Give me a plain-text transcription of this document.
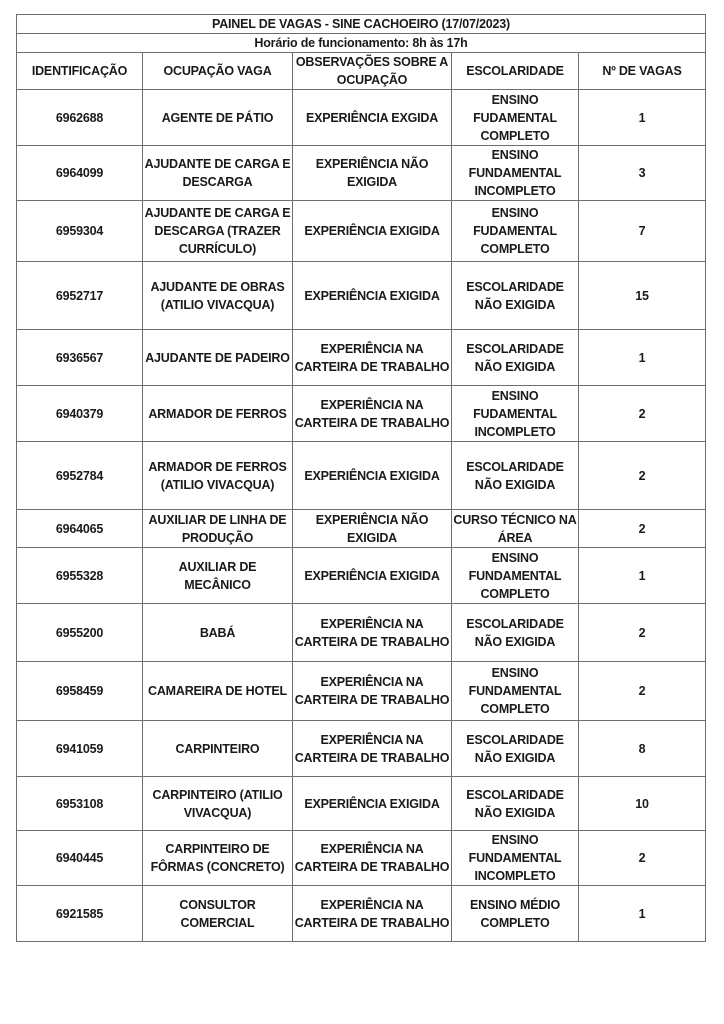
PAINEL DE VAGAS - SINE CACHOEIRO (17/07/2023)				
Horário de funcionamento: 8h às 17h				
IDENTIFICAÇÃO	OCUPAÇÃO VAGA	OBSERVAÇÕES SOBRE A OCUPAÇÃO	ESCOLARIDADE	Nº DE VAGAS
6962688	AGENTE DE PÁTIO	EXPERIÊNCIA EXGIDA	ENSINO FUDAMENTAL COMPLETO	1
6964099	AJUDANTE DE CARGA E DESCARGA	EXPERIÊNCIA NÃO EXIGIDA	ENSINO FUNDAMENTAL INCOMPLETO	3
6959304	AJUDANTE DE CARGA E DESCARGA (TRAZER CURRÍCULO)	EXPERIÊNCIA EXIGIDA	ENSINO FUDAMENTAL COMPLETO	7
6952717	AJUDANTE DE OBRAS (ATILIO VIVACQUA)	EXPERIÊNCIA EXIGIDA	ESCOLARIDADE NÃO EXIGIDA	15
6936567	AJUDANTE DE PADEIRO	EXPERIÊNCIA NA CARTEIRA DE TRABALHO	ESCOLARIDADE NÃO EXIGIDA	1
6940379	ARMADOR DE FERROS	EXPERIÊNCIA NA CARTEIRA DE TRABALHO	ENSINO FUDAMENTAL INCOMPLETO	2
6952784	ARMADOR DE FERROS (ATILIO VIVACQUA)	EXPERIÊNCIA EXIGIDA	ESCOLARIDADE NÃO EXIGIDA	2
6964065	AUXILIAR DE LINHA DE PRODUÇÃO	EXPERIÊNCIA NÃO EXIGIDA	CURSO TÉCNICO NA ÁREA	2
6955328	AUXILIAR DE MECÂNICO	EXPERIÊNCIA EXIGIDA	ENSINO FUNDAMENTAL COMPLETO	1
6955200	BABÁ	EXPERIÊNCIA NA CARTEIRA DE TRABALHO	ESCOLARIDADE NÃO EXIGIDA	2
6958459	CAMAREIRA DE HOTEL	EXPERIÊNCIA NA CARTEIRA DE TRABALHO	ENSINO FUNDAMENTAL COMPLETO	2
6941059	CARPINTEIRO	EXPERIÊNCIA NA CARTEIRA DE TRABALHO	ESCOLARIDADE NÃO EXIGIDA	8
6953108	CARPINTEIRO (ATILIO VIVACQUA)	EXPERIÊNCIA EXIGIDA	ESCOLARIDADE NÃO EXIGIDA	10
6940445	CARPINTEIRO DE FÔRMAS (CONCRETO)	EXPERIÊNCIA NA CARTEIRA DE TRABALHO	ENSINO FUNDAMENTAL INCOMPLETO	2
6921585	CONSULTOR COMERCIAL	EXPERIÊNCIA NA CARTEIRA DE TRABALHO	ENSINO MÉDIO COMPLETO	1
